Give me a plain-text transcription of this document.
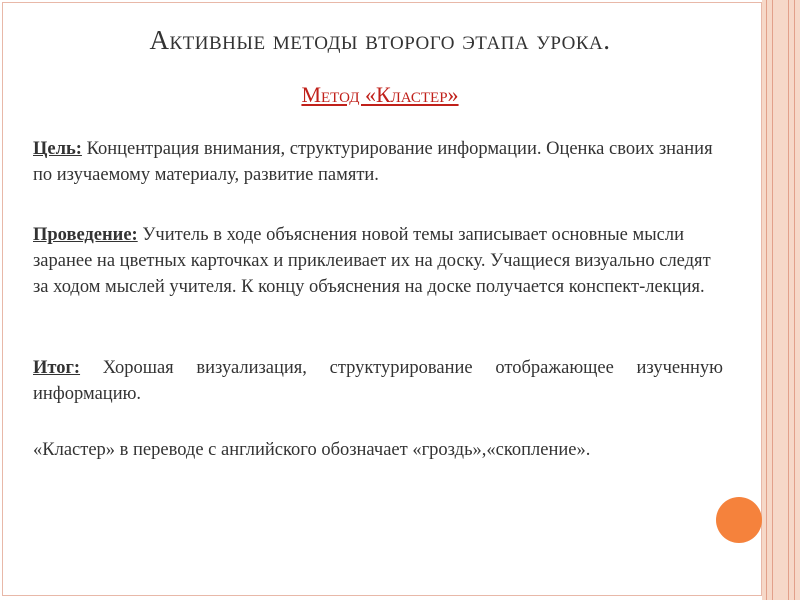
Активные методы второго этапа урока.
Метод «Кластер»
Цель: Концентрация внимания, структурирование информации. Оценка своих знания по изучаемому материалу, развитие памяти.
Проведение: Учитель в ходе объяснения новой темы записывает основные мысли заранее на цветных карточках и приклеивает их на доску. Учащиеся визуально следят за ходом мыслей учителя. К концу объяснения на доске получается конспект-лекция.
Итог: Хорошая визуализация, структурирование отображающее изученную информацию.
«Кластер» в переводе с английского обозначает «гроздь»,«скопление».
